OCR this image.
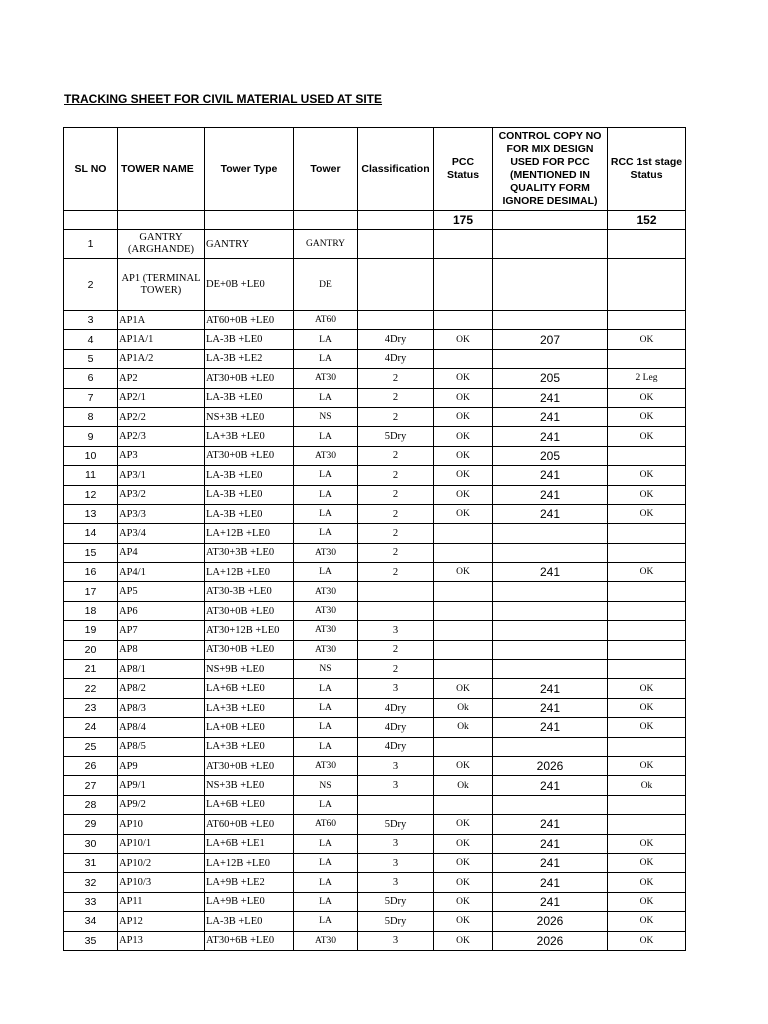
TRACKING SHEET FOR CIVIL MATERIAL USED AT SITE
SL NO	TOWER NAME	Tower Type	Tower	Classification	PCC Status	CONTROL COPY NO FOR MIX DESIGN USED FOR PCC (MENTIONED IN QUALITY FORM IGNORE DESIMAL)	RCC 1st stage Status
					175		152
1	GANTRY (ARGHANDE)	GANTRY	GANTRY				
2	AP1 (TERMINAL TOWER)	DE+0B +LE0	DE				
3	AP1A	AT60+0B +LE0	AT60				
4	AP1A/1	LA-3B +LE0	LA	4Dry	OK	207	OK
5	AP1A/2	LA-3B +LE2	LA	4Dry			
6	AP2	AT30+0B +LE0	AT30	2	OK	205	2 Leg
7	AP2/1	LA-3B +LE0	LA	2	OK	241	OK
8	AP2/2	NS+3B +LE0	NS	2	OK	241	OK
9	AP2/3	LA+3B +LE0	LA	5Dry	OK	241	OK
10	AP3	AT30+0B +LE0	AT30	2	OK	205	
11	AP3/1	LA-3B +LE0	LA	2	OK	241	OK
12	AP3/2	LA-3B +LE0	LA	2	OK	241	OK
13	AP3/3	LA-3B +LE0	LA	2	OK	241	OK
14	AP3/4	LA+12B +LE0	LA	2			
15	AP4	AT30+3B +LE0	AT30	2			
16	AP4/1	LA+12B +LE0	LA	2	OK	241	OK
17	AP5	AT30-3B +LE0	AT30				
18	AP6	AT30+0B +LE0	AT30				
19	AP7	AT30+12B +LE0	AT30	3			
20	AP8	AT30+0B +LE0	AT30	2			
21	AP8/1	NS+9B +LE0	NS	2			
22	AP8/2	LA+6B +LE0	LA	3	OK	241	OK
23	AP8/3	LA+3B +LE0	LA	4Dry	Ok	241	OK
24	AP8/4	LA+0B +LE0	LA	4Dry	Ok	241	OK
25	AP8/5	LA+3B +LE0	LA	4Dry			
26	AP9	AT30+0B +LE0	AT30	3	OK	2026	OK
27	AP9/1	NS+3B +LE0	NS	3	Ok	241	Ok
28	AP9/2	LA+6B +LE0	LA				
29	AP10	AT60+0B +LE0	AT60	5Dry	OK	241	
30	AP10/1	LA+6B +LE1	LA	3	OK	241	OK
31	AP10/2	LA+12B +LE0	LA	3	OK	241	OK
32	AP10/3	LA+9B +LE2	LA	3	OK	241	OK
33	AP11	LA+9B +LE0	LA	5Dry	OK	241	OK
34	AP12	LA-3B +LE0	LA	5Dry	OK	2026	OK
35	AP13	AT30+6B +LE0	AT30	3	OK	2026	OK
